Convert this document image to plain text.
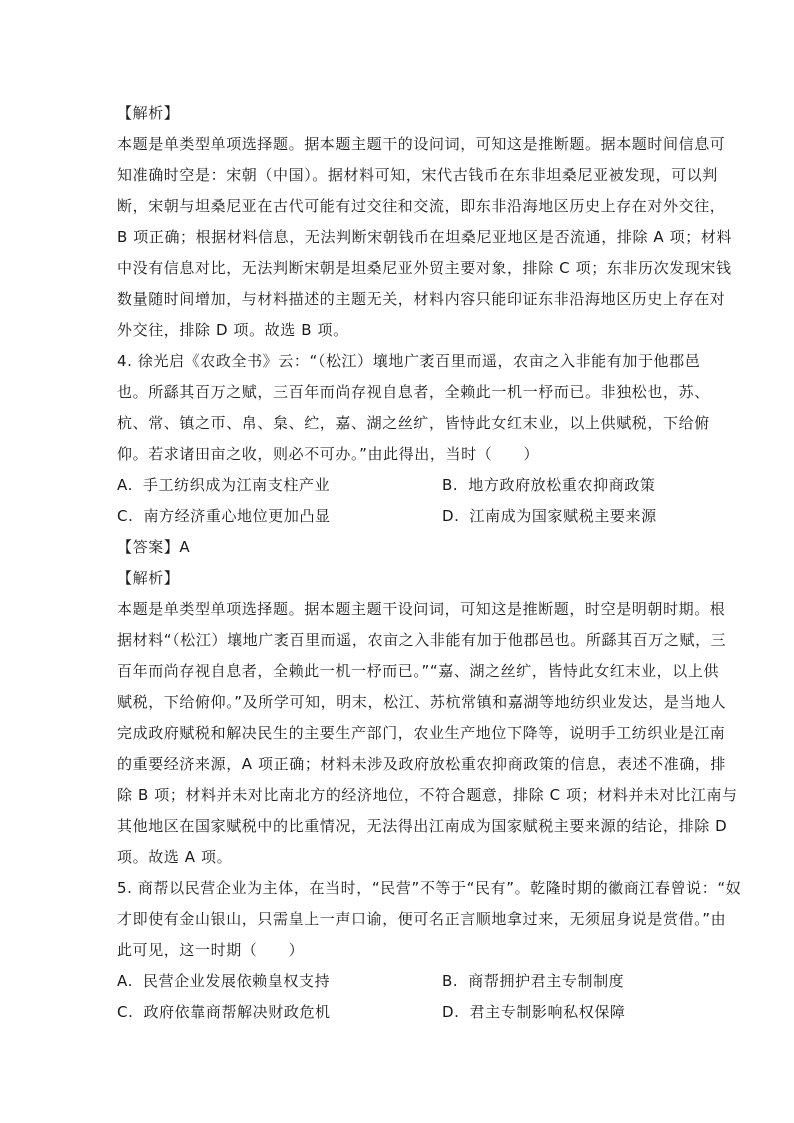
【解析】
本题是单类型单项选择题。据本题主题干的设问词，可知这是推断题。据本题时间信息可
知准确时空是：宋朝（中国）。据材料可知，宋代古钱币在东非坦桑尼亚被发现，可以判
断，宋朝与坦桑尼亚在古代可能有过交往和交流，即东非沿海地区历史上存在对外交往，
B 项正确；根据材料信息，无法判断宋朝钱币在坦桑尼亚地区是否流通，排除 A 项；材料
中没有信息对比，无法判断宋朝是坦桑尼亚外贸主要对象，排除 C 项；东非历次发现宋钱
数量随时间增加，与材料描述的主题无关，材料内容只能印证东非沿海地区历史上存在对
外交往，排除 D 项。故选 B 项。
4. 徐光启《农政全书》云：“（松江）壤地广袤百里而遥，农亩之入非能有加于他郡邑
也。所繇其百万之赋，三百年而尚存视自息者，全赖此一机一杼而已。非独松也，苏、
杭、常、镇之帀、帛、枲、纻，嘉、湖之丝纩，皆恃此女红末业，以上供赋税，下给俯
仰。若求诸田亩之收，则必不可办。”由此得出，当时（　　）
A. 手工纺织成为江南支柱产业	B. 地方政府放松重农抑商政策
C. 南方经济重心地位更加凸显	D. 江南成为国家赋税主要来源
【答案】A
【解析】
本题是单类型单项选择题。据本题主题干设问词，可知这是推断题，时空是明朝时期。根
据材料“（松江）壤地广袤百里而遥，农亩之入非能有加于他郡邑也。所繇其百万之赋，三
百年而尚存视自息者，全赖此一机一杼而已。”“嘉、湖之丝纩，皆恃此女红末业，以上供
赋税，下给俯仰。”及所学可知，明末，松江、苏杭常镇和嘉湖等地纺织业发达，是当地人
完成政府赋税和解决民生的主要生产部门，农业生产地位下降等，说明手工纺织业是江南
的重要经济来源，A 项正确；材料未涉及政府放松重农抑商政策的信息，表述不准确，排
除 B 项；材料并未对比南北方的经济地位，不符合题意，排除 C 项；材料并未对比江南与
其他地区在国家赋税中的比重情况，无法得出江南成为国家赋税主要来源的结论，排除 D
项。故选 A 项。
5. 商帮以民营企业为主体，在当时，“民营”不等于“民有”。乾隆时期的徽商江春曾说：“奴
才即使有金山银山，只需皇上一声口谕，便可名正言顺地拿过来，无须屈身说是赏借。”由
此可见，这一时期（　　）
A. 民营企业发展依赖皇权支持	B. 商帮拥护君主专制制度
C. 政府依靠商帮解决财政危机	D. 君主专制影响私权保障
